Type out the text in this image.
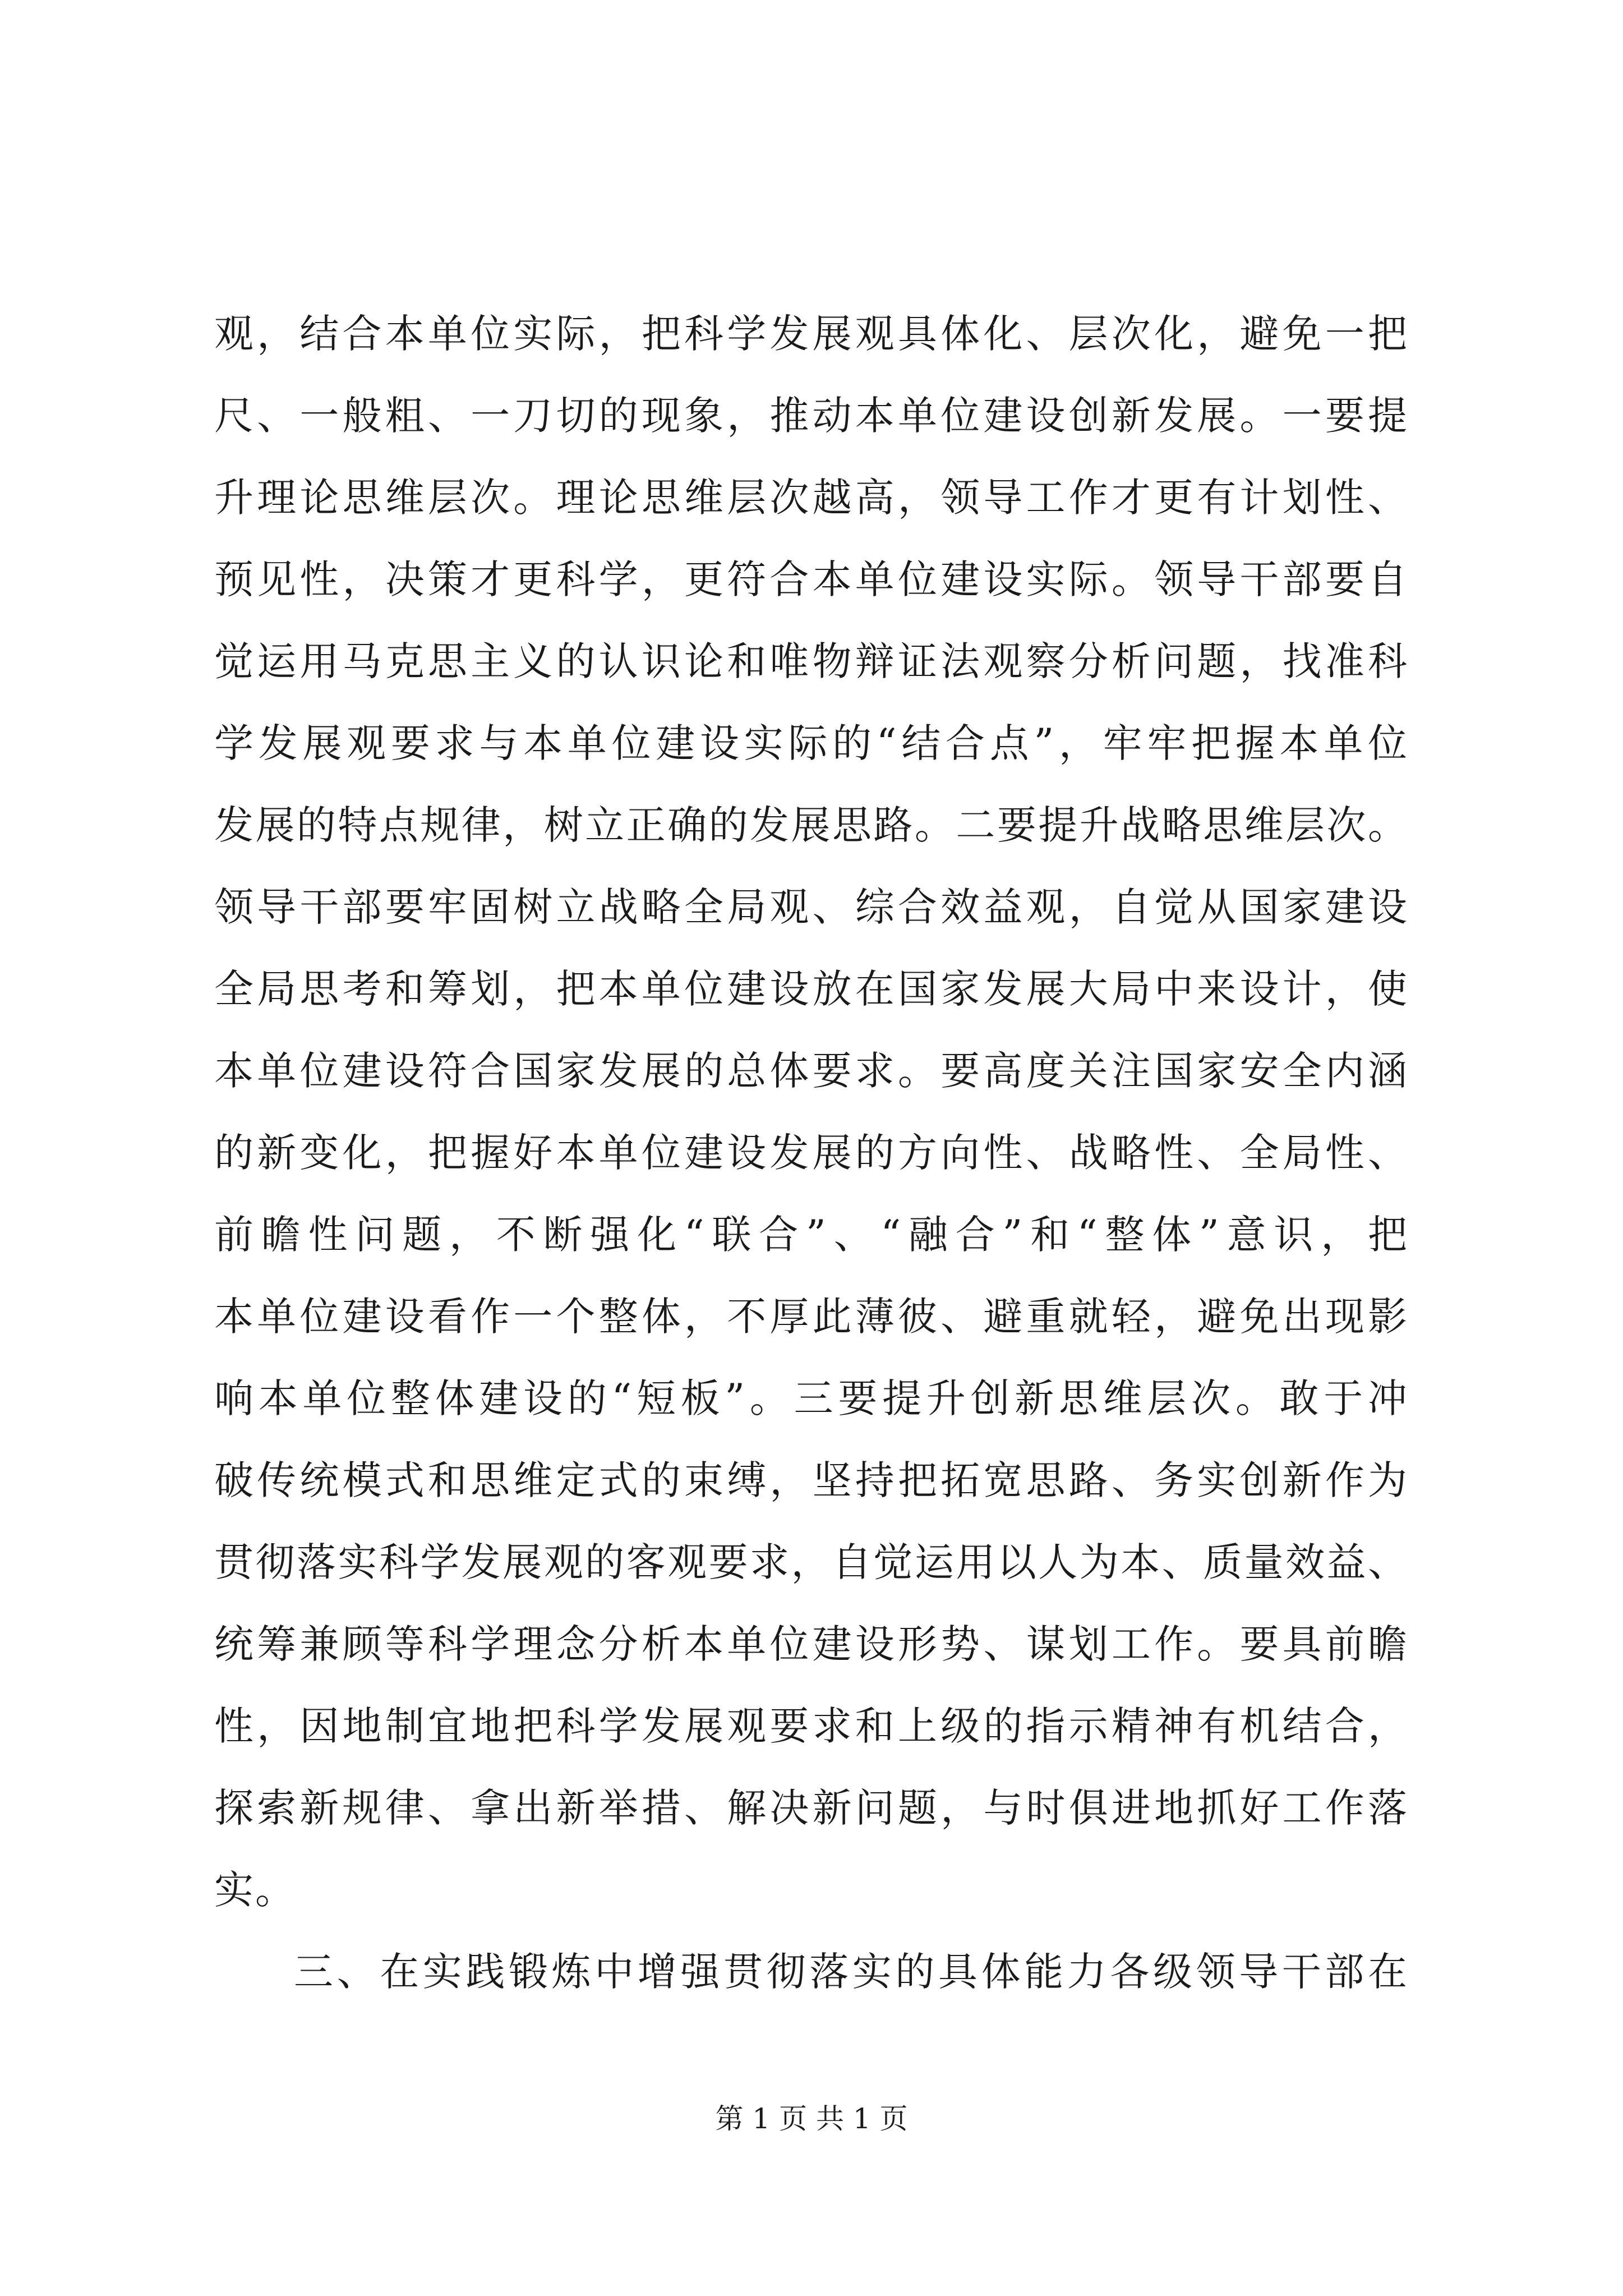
观，结合本单位实际，把科学发展观具体化、层次化，避免一把
尺、一般粗、一刀切的现象，推动本单位建设创新发展。一要提
升理论思维层次。理论思维层次越高，领导工作才更有计划性、
预见性，决策才更科学，更符合本单位建设实际。领导干部要自
觉运用马克思主义的认识论和唯物辩证法观察分析问题，找准科
学发展观要求与本单位建设实际的“结合点”，牢牢把握本单位
发展的特点规律，树立正确的发展思路。二要提升战略思维层次。
领导干部要牢固树立战略全局观、综合效益观，自觉从国家建设
全局思考和筹划，把本单位建设放在国家发展大局中来设计，使
本单位建设符合国家发展的总体要求。要高度关注国家安全内涵
的新变化，把握好本单位建设发展的方向性、战略性、全局性、
前瞻性问题，不断强化“联合”、“融合”和“整体”意识，把
本单位建设看作一个整体，不厚此薄彼、避重就轻，避免出现影
响本单位整体建设的“短板”。三要提升创新思维层次。敢于冲
破传统模式和思维定式的束缚，坚持把拓宽思路、务实创新作为
贯彻落实科学发展观的客观要求，自觉运用以人为本、质量效益、
统筹兼顾等科学理念分析本单位建设形势、谋划工作。要具前瞻
性，因地制宜地把科学发展观要求和上级的指示精神有机结合，
探索新规律、拿出新举措、解决新问题，与时俱进地抓好工作落
实。
三、在实践锻炼中增强贯彻落实的具体能力各级领导干部在
第 1 页 共 1 页
